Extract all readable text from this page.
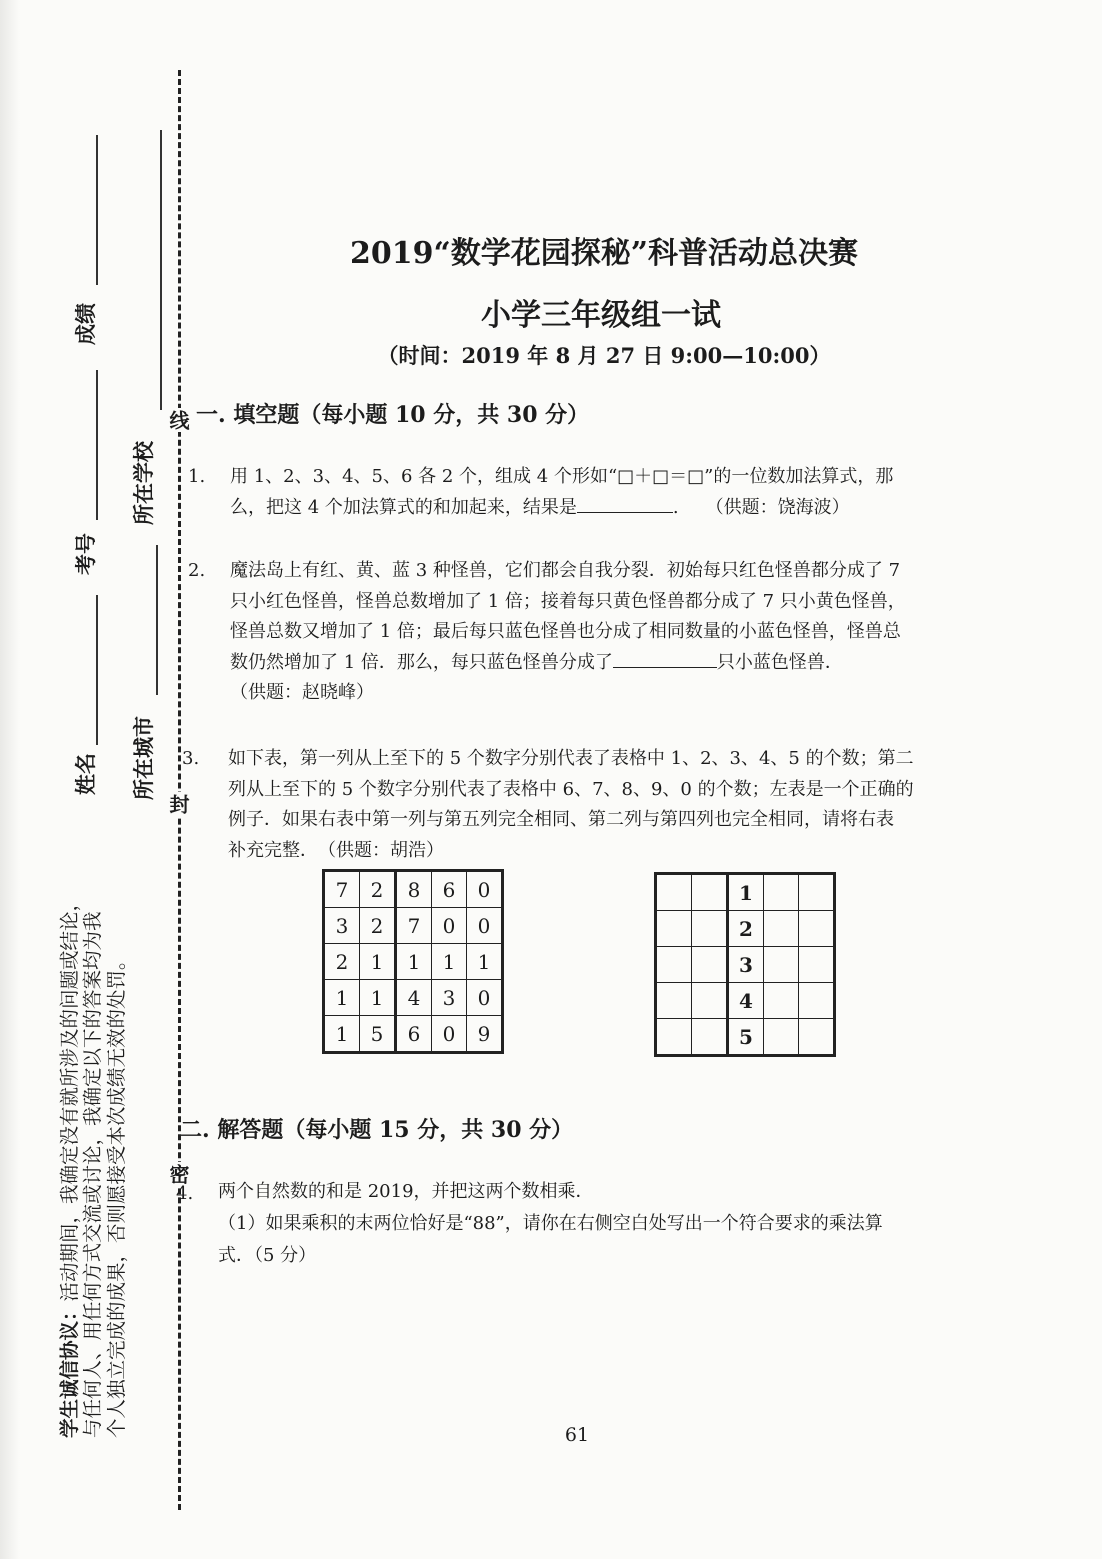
线
封
密
成绩
考号
姓名
所在学校
所在城市
学生诚信协议：活动期间，我确定没有就所涉及的问题或结论， 与任何人、用任何方式交流或讨论，我确定以下的答案均为我 个人独立完成的成果，否则愿接受本次成绩无效的处罚。
2019“数学花园探秘”科普活动总决赛
小学三年级组一试
（时间：2019 年 8 月 27 日 9:00—10:00）
一. 填空题（每小题 10 分，共 30 分）
1. 用 1、2、3、4、5、6 各 2 个，组成 4 个形如“□＋□＝□”的一位数加法算式，那
么，把这 4 个加法算式的和加起来，结果是	.　　（供题：饶海波）
2. 魔法岛上有红、黄、蓝 3 种怪兽，它们都会自我分裂．初始每只红色怪兽都分成了 7
只小红色怪兽，怪兽总数增加了 1 倍；接着每只黄色怪兽都分成了 7 只小黄色怪兽，
怪兽总数又增加了 1 倍；最后每只蓝色怪兽也分成了相同数量的小蓝色怪兽，怪兽总
数仍然增加了 1 倍．那么，每只蓝色怪兽分成了	只小蓝色怪兽．
（供题：赵晓峰）
3. 如下表，第一列从上至下的 5 个数字分别代表了表格中 1、2、3、4、5 的个数；第二
列从上至下的 5 个数字分别代表了表格中 6、7、8、9、0 的个数；左表是一个正确的
例子．如果右表中第一列与第五列完全相同、第二列与第四列也完全相同，请将右表
补充完整．　（供题：胡浩）
7	2	8	6	0
3	2	7	0	0
2	1	1	1	1
1	1	4	3	0
1	5	6	0	9
		1		
		2		
		3		
		4		
		5		
二. 解答题（每小题 15 分，共 30 分）
4. 两个自然数的和是 2019，并把这两个数相乘．
（1）如果乘积的末两位恰好是“88”，请你在右侧空白处写出一个符合要求的乘法算
式．（5 分）
61
